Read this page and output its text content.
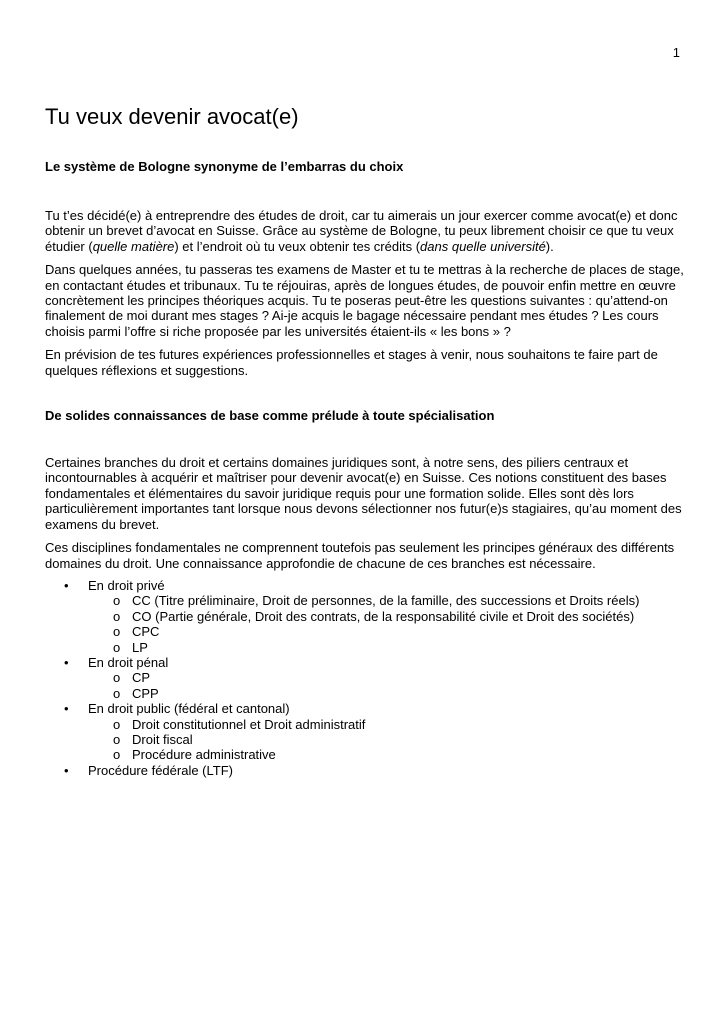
1
Tu veux devenir avocat(e)
Le système de Bologne synonyme de l’embarras du choix

Tu t’es décidé(e) à entreprendre des études de droit, car tu aimerais un jour exercer comme avocat(e) et donc obtenir un brevet d’avocat en Suisse. Grâce au système de Bologne, tu peux librement choisir ce que tu veux étudier (quelle matière) et l’endroit où tu veux obtenir tes crédits (dans quelle université).

Dans quelques années, tu passeras tes examens de Master et tu te mettras à la recherche de places de stage, en contactant études et tribunaux. Tu te réjouiras, après de longues études, de pouvoir enfin mettre en œuvre concrètement les principes théoriques acquis. Tu te poseras peut-être les questions suivantes : qu’attend-on finalement de moi durant mes stages ? Ai-je acquis le bagage nécessaire pendant mes études ? Les cours choisis parmi l’offre si riche proposée par les universités étaient-ils « les bons » ?

En prévision de tes futures expériences professionnelles et stages à venir, nous souhaitons te faire part de quelques réflexions et suggestions.

De solides connaissances de base comme prélude à toute spécialisation

Certaines branches du droit et certains domaines juridiques sont, à notre sens, des piliers centraux et incontournables à acquérir et maîtriser pour devenir avocat(e) en Suisse. Ces notions constituent des bases fondamentales et élémentaires du savoir juridique requis pour une formation solide. Elles sont dès lors particulièrement importantes tant lorsque nous devons sélectionner nos futur(e)s stagiaires, qu’au moment des examens du brevet.

Ces disciplines fondamentales ne comprennent toutefois pas seulement les principes généraux des différents domaines du droit. Une connaissance approfondie de chacune de ces branches est nécessaire.

• En droit privé
o CC (Titre préliminaire, Droit de personnes, de la famille, des successions et Droits réels)
o CO (Partie générale, Droit des contrats, de la responsabilité civile et Droit des sociétés)
o CPC
o LP
• En droit pénal
o CP
o CPP
• En droit public (fédéral et cantonal)
o Droit constitutionnel et Droit administratif
o Droit fiscal
o Procédure administrative
• Procédure fédérale (LTF)
